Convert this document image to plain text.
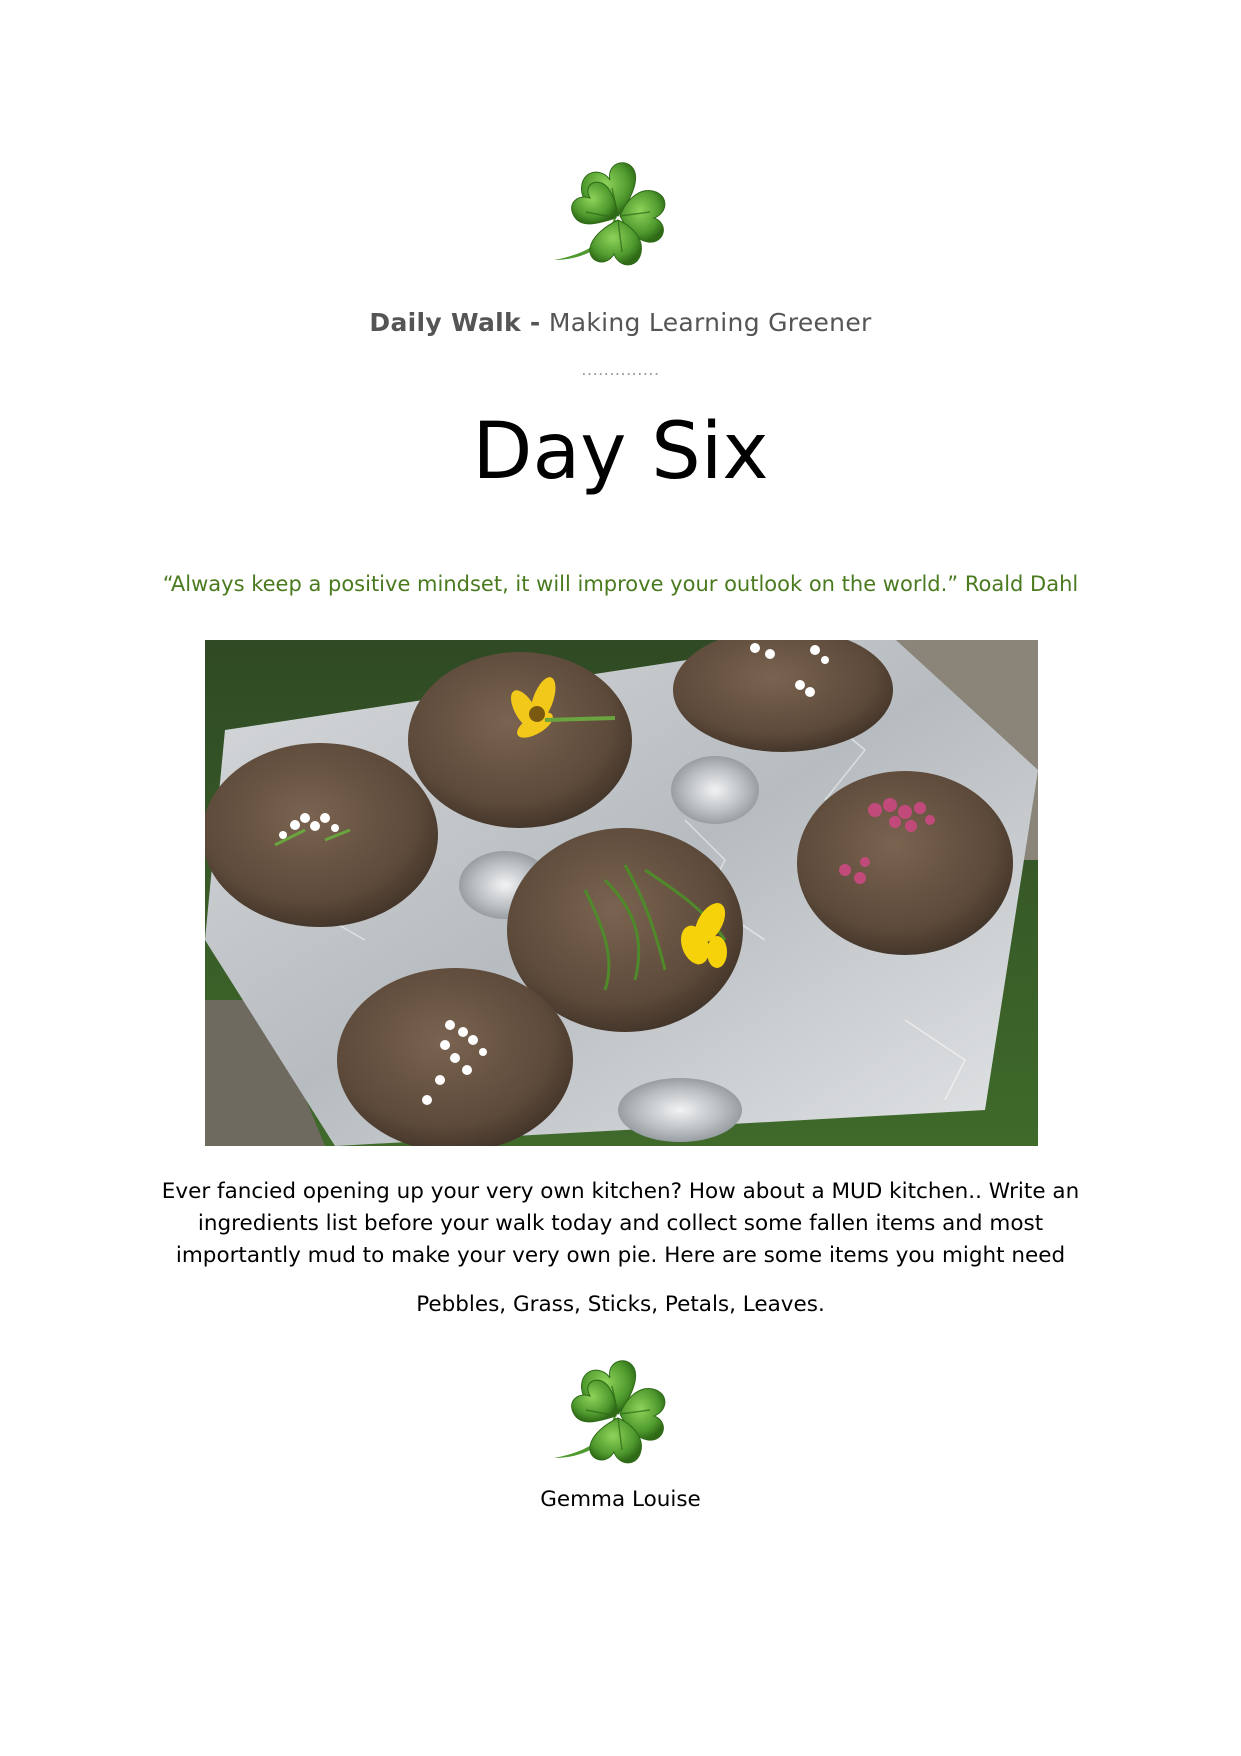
Daily Walk - Making Learning Greener
..............
Day Six
“Always keep a positive mindset, it will improve your outlook on the world.” Roald Dahl
Ever fancied opening up your very own kitchen? How about a MUD kitchen.. Write an ingredients list before your walk today and collect some fallen items and most importantly mud to make your very own pie. Here are some items you might need
Pebbles, Grass, Sticks, Petals, Leaves.
Gemma Louise
